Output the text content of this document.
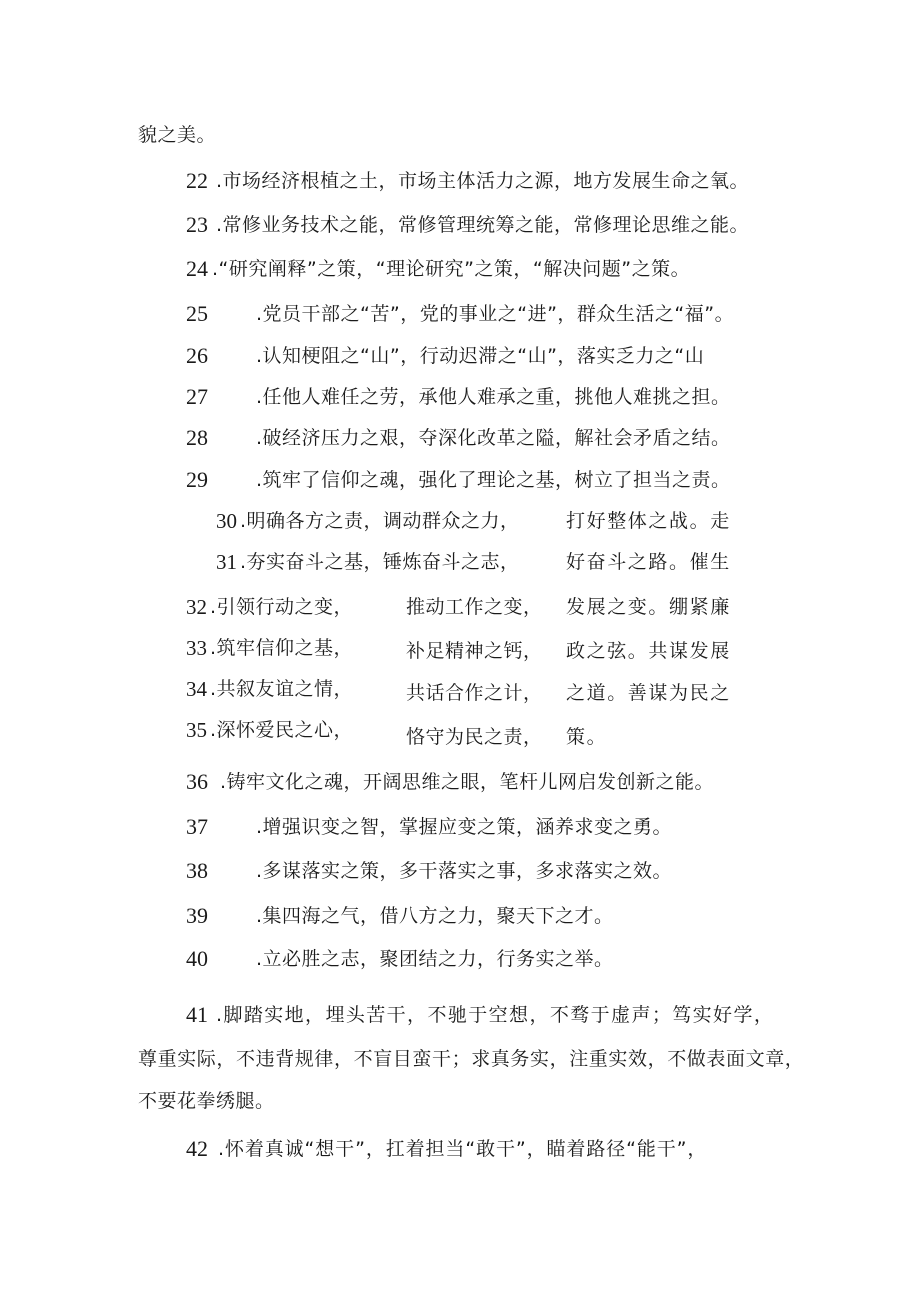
貌之美。
22 .市场经济根植之土，市场主体活力之源，地方发展生命之氧。
23 .常修业务技术之能，常修管理统筹之能，常修理论思维之能。
24 .“研究阐释”之策，“理论研究”之策，“解决问题”之策。
25	.党员干部之“苦”，党的事业之“进”，群众生活之“福”。
26	.认知梗阻之“山”，行动迟滞之“山”，落实乏力之“山
27	.任他人难任之劳，承他人难承之重，挑他人难挑之担。
28	.破经济压力之艰，夺深化改革之隘，解社会矛盾之结。
29	.筑牢了信仰之魂，强化了理论之基，树立了担当之责。
30 .明确各方之责，调动群众之力， 打好整体之战。走
31 .夯实奋斗之基，锤炼奋斗之志， 好奋斗之路。催生
32 .引领行动之变，	推动工作之变， 发展之变。绷紧廉
33 .筑牢信仰之基，	补足精神之钙， 政之弦。共谋发展
34 .共叙友谊之情，	共话合作之计， 之道。善谋为民之
35 .深怀爱民之心，	恪守为民之责， 策。
36 .铸牢文化之魂，开阔思维之眼，笔杆儿网启发创新之能。
37	.增强识变之智，掌握应变之策，涵养求变之勇。
38	.多谋落实之策，多干落实之事，多求落实之效。
39	.集四海之气，借八方之力，聚天下之才。
40	.立必胜之志，聚团结之力，行务实之举。
41 .脚踏实地，埋头苦干，不驰于空想，不骛于虚声；笃实好学，
尊重实际，不违背规律，不盲目蛮干；求真务实，注重实效，不做表面文章，
不要花拳绣腿。
42 .怀着真诚“想干”，扛着担当“敢干”，瞄着路径“能干”，
